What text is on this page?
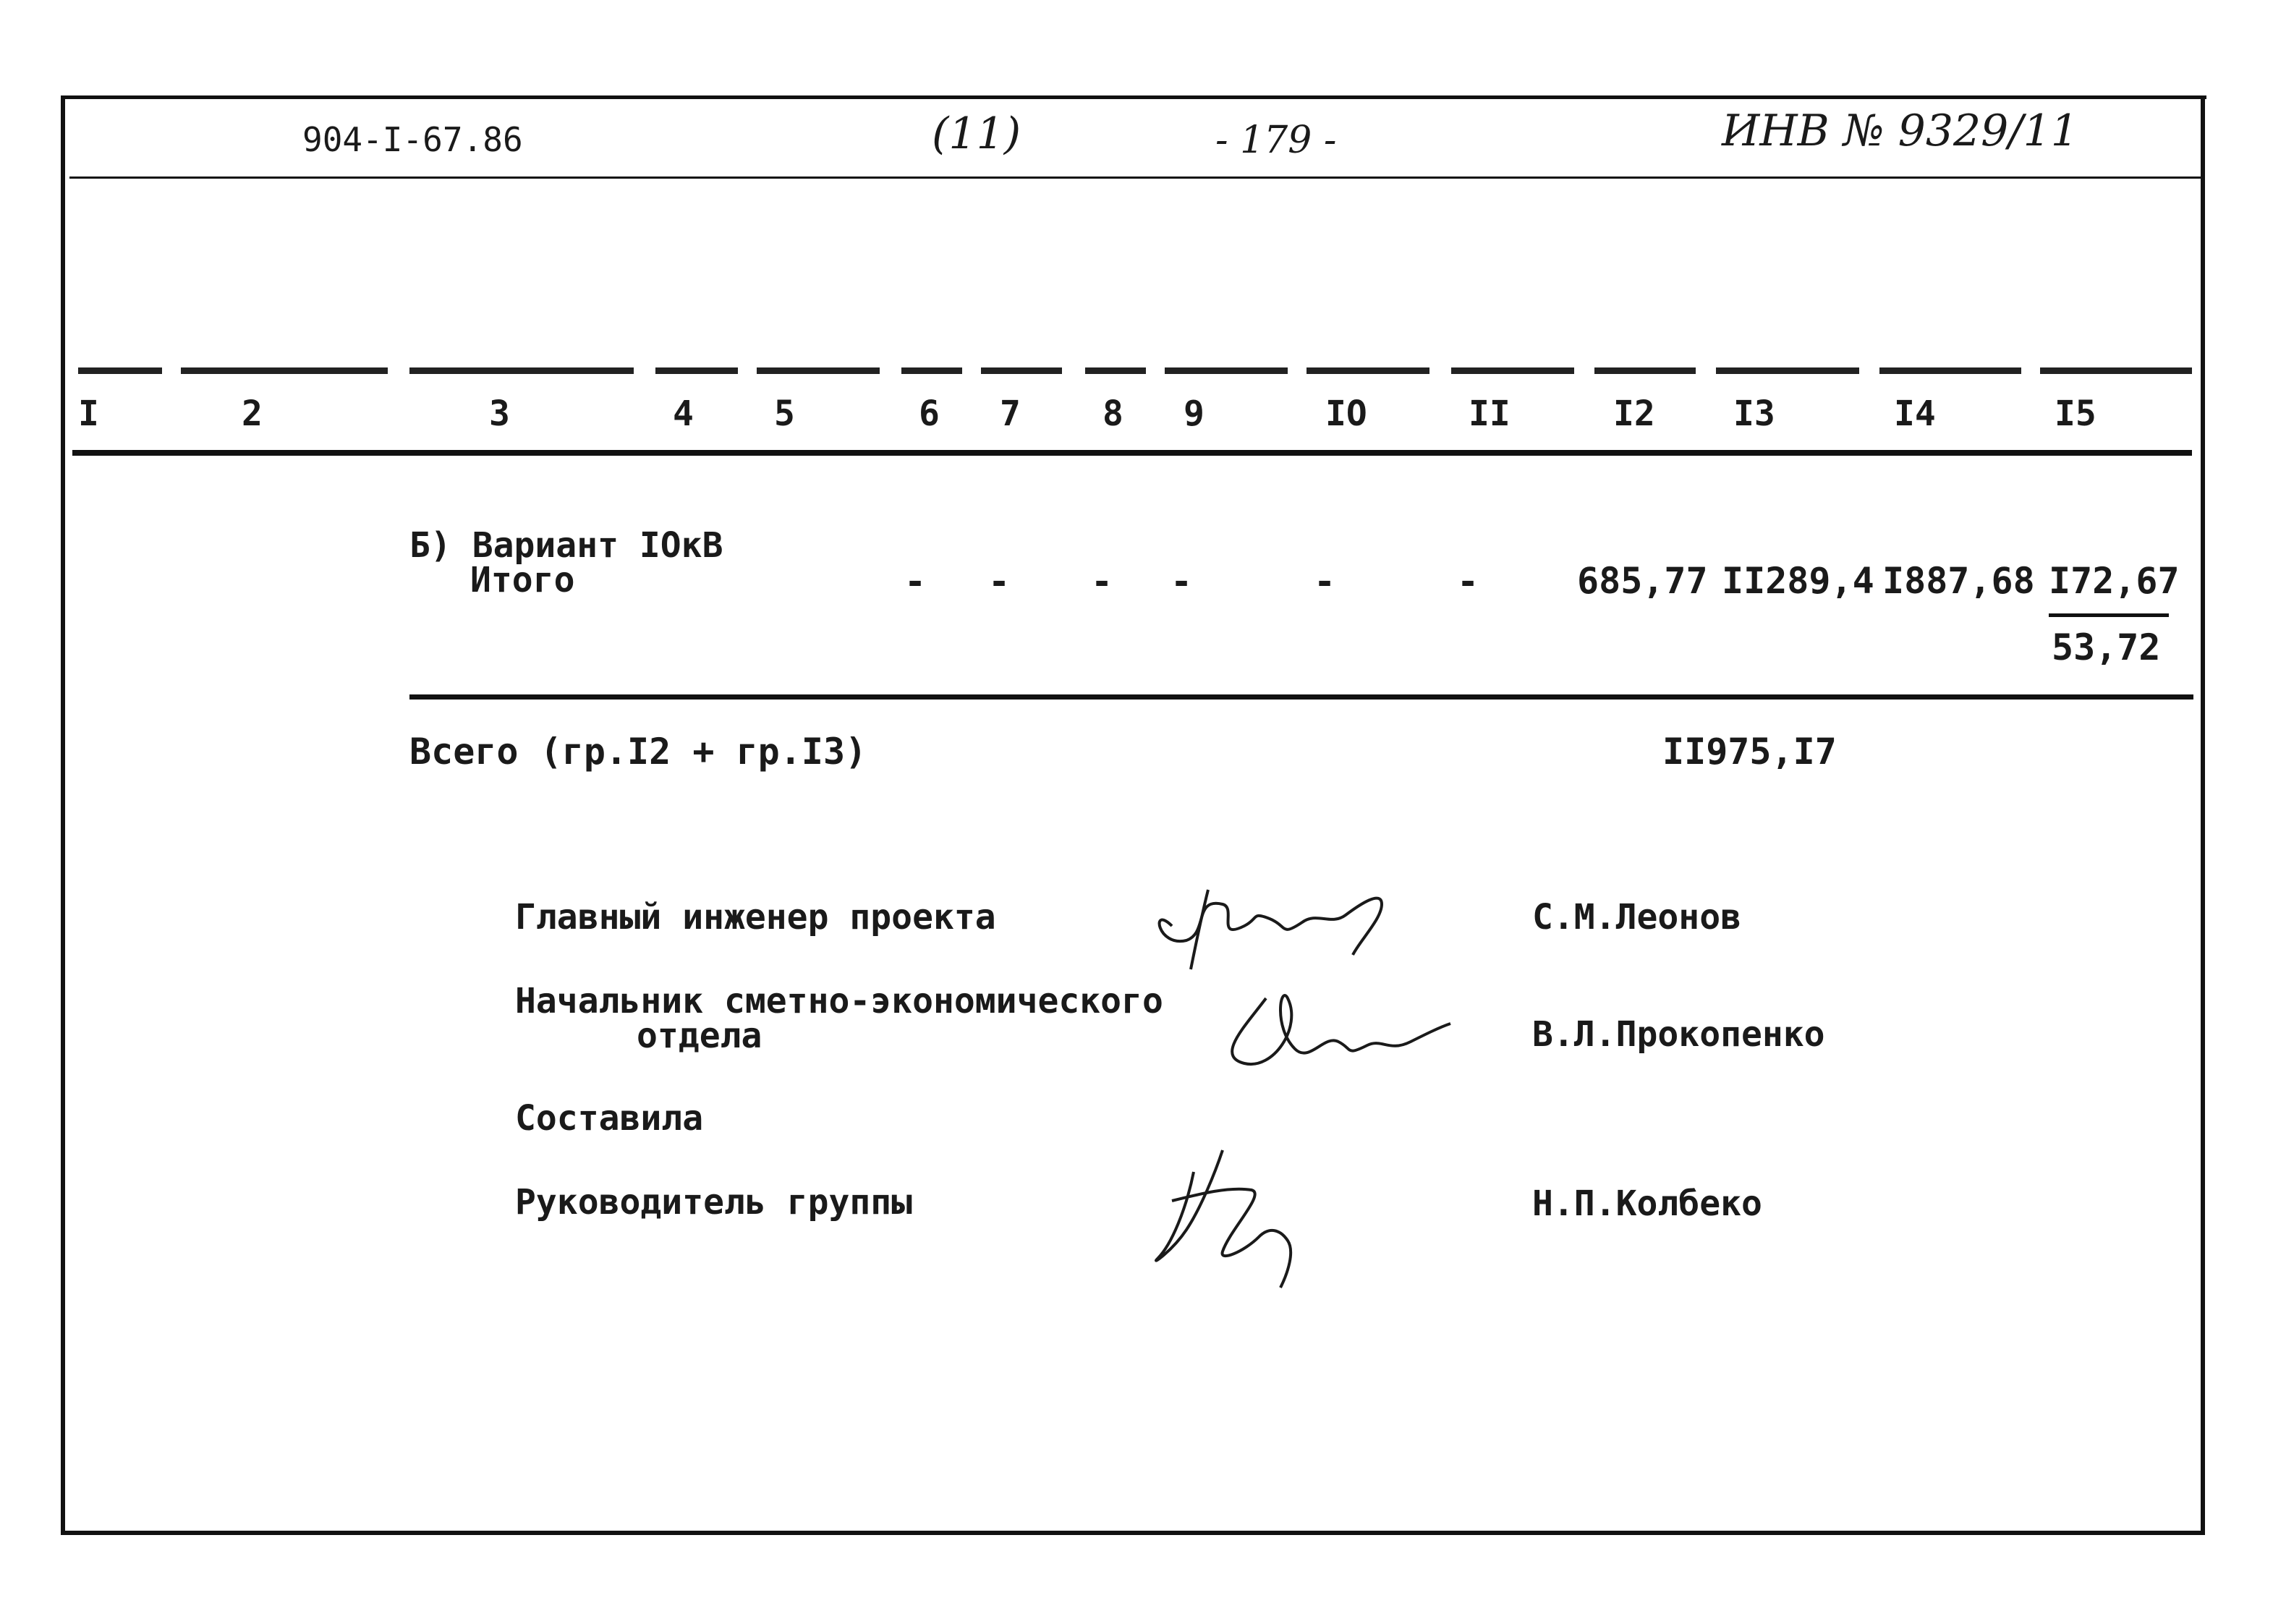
904-I-67.86	(11)	- 179 -	ИНВ № 9329/11
I	2	3	4 5	6 7 8 9	IO	II	I2 I3	I4	I5
Б) Вариант IOкВ
Итого	- - - -	-	-	685,77 II289,4 I887,68 I72,67
53,72
Всего (гр.I2 + гр.I3)	II975,I7
Главный инженер проекта	С.М.Леонов
Начальник сметно-экономического
отдела	В.Л.Прокопенко
Составила
Руководитель группы	Н.П.Колбеко
